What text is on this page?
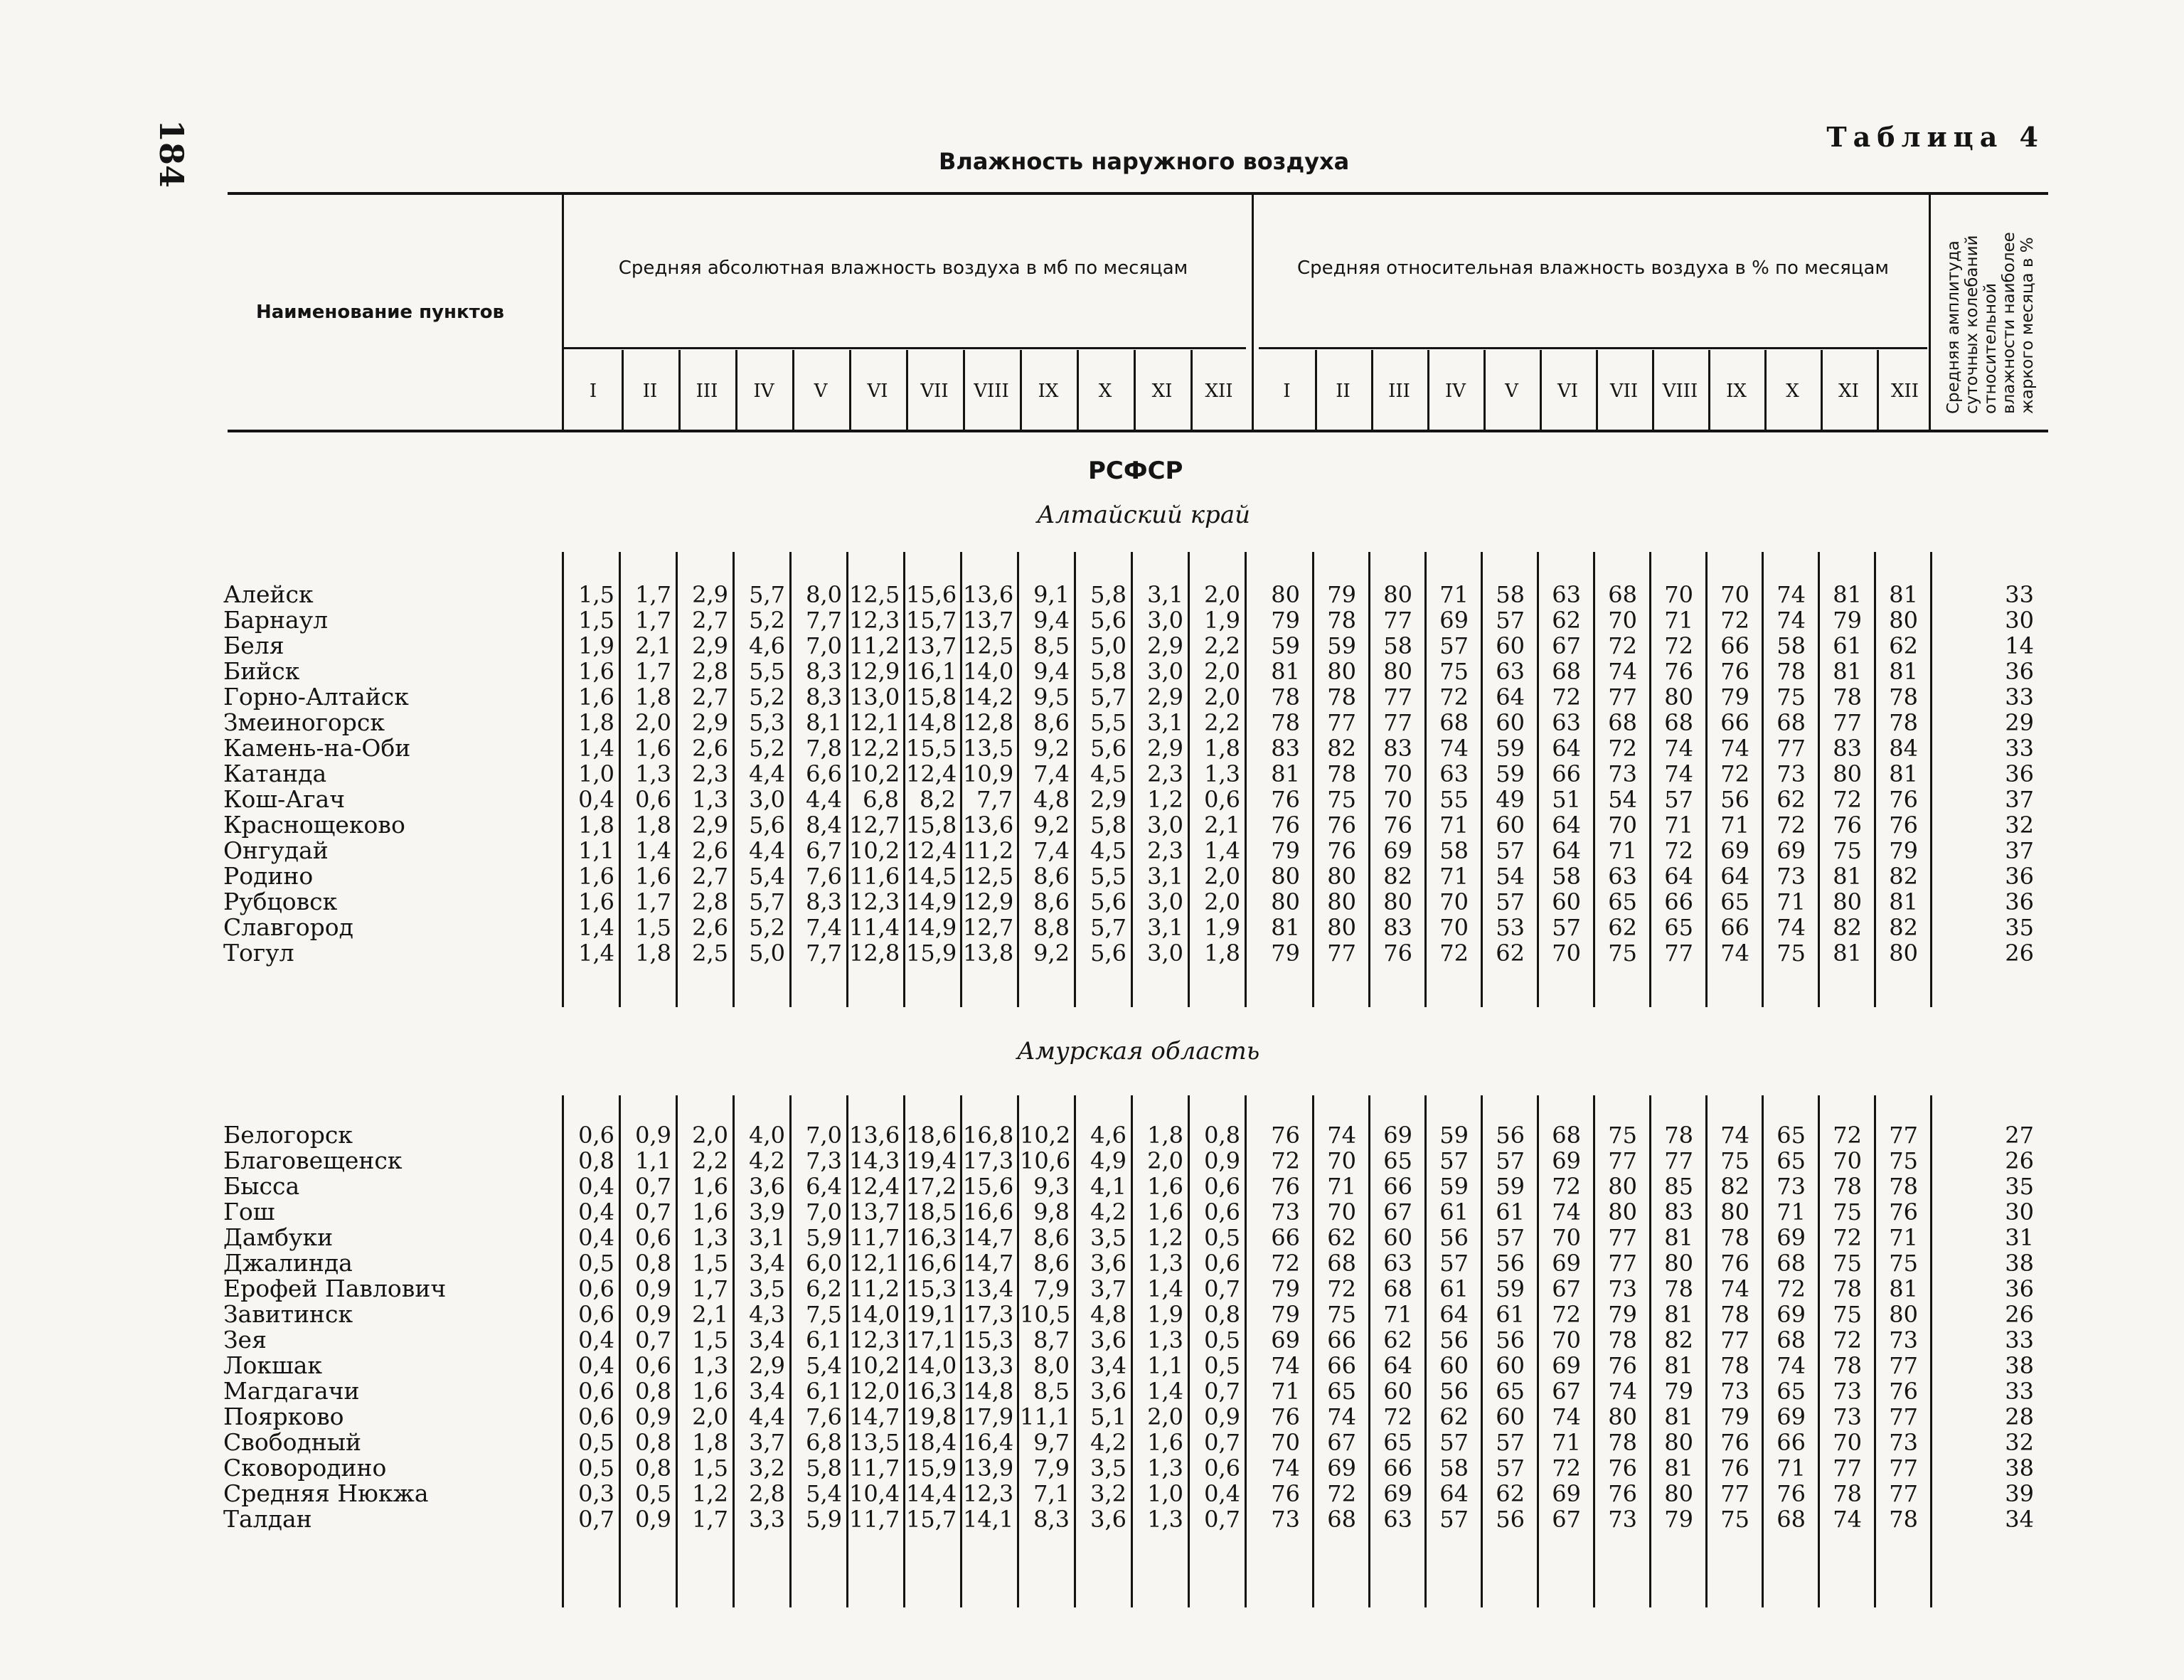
184	Таблица 4
Влажность наружного воздуха
Наименование пунктов
Средняя абсолютная влажность воздуха в мб по месяцам	Средняя относительная влажность воздуха в % по месяцам	Средняя амплитуда суточных колебаний относительной влажности наиболее жаркого месяца в %
I	II	III	IV	V	VI	VII	VIII	IX	X	XI	XII	I	II	III	IV	V	VI	VII	VIII	IX	X	XI	XII
РСФСР
Алтайский край
Амурская область
Алейск	1,5 1,7 2,9 5,7 8,0 12,5 15,6 13,6 9,1 5,8 3,1 2,0	80	79	80	71	58	63	68	70	70	74	81	81	33
Барнаул	1,5 1,7 2,7 5,2 7,7 12,3 15,7 13,7 9,4 5,6 3,0 1,9	79	78	77	69	57	62	70	71	72	74	79	80	30
Беля	1,9 2,1 2,9 4,6 7,0 11,2 13,7 12,5 8,5 5,0 2,9 2,2	59	59	58	57	60	67	72	72	66	58	61	62	14
Бийск	1,6 1,7 2,8 5,5 8,3 12,9 16,1 14,0 9,4 5,8 3,0 2,0	81	80	80	75	63	68	74	76	76	78	81	81	36
Горно-Алтайск	1,6 1,8 2,7 5,2 8,3 13,0 15,8 14,2 9,5 5,7 2,9 2,0	78	78	77	72	64	72	77	80	79	75	78	78	33
Змеиногорск	1,8 2,0 2,9 5,3 8,1 12,1 14,8 12,8 8,6 5,5 3,1 2,2	78	77	77	68	60	63	68	68	66	68	77	78	29
Камень-на-Оби	1,4 1,6 2,6 5,2 7,8 12,2 15,5 13,5 9,2 5,6 2,9 1,8	83	82	83	74	59	64	72	74	74	77	83	84	33
Катанда	1,0 1,3 2,3 4,4 6,6 10,2 12,4 10,9 7,4 4,5 2,3 1,3	81	78	70	63	59	66	73	74	72	73	80	81	36
Кош-Агач	0,4 0,6 1,3 3,0 4,4 6,8 8,2 7,7 4,8 2,9 1,2 0,6	76	75	70	55	49	51	54	57	56	62	72	76	37
Краснощеково	1,8 1,8 2,9 5,6 8,4 12,7 15,8 13,6 9,2 5,8 3,0 2,1	76	76	76	71	60	64	70	71	71	72	76	76	32
Онгудай	1,1 1,4 2,6 4,4 6,7 10,2 12,4 11,2 7,4 4,5 2,3 1,4	79	76	69	58	57	64	71	72	69	69	75	79	37
Родино	1,6 1,6 2,7 5,4 7,6 11,6 14,5 12,5 8,6 5,5 3,1 2,0	80	80	82	71	54	58	63	64	64	73	81	82	36
Рубцовск	1,6 1,7 2,8 5,7 8,3 12,3 14,9 12,9 8,6 5,6 3,0 2,0	80	80	80	70	57	60	65	66	65	71	80	81	36
Славгород	1,4 1,5 2,6 5,2 7,4 11,4 14,9 12,7 8,8 5,7 3,1 1,9	81	80	83	70	53	57	62	65	66	74	82	82	35
Тогул	1,4 1,8 2,5 5,0 7,7 12,8 15,9 13,8 9,2 5,6 3,0 1,8	79	77	76	72	62	70	75	77	74	75	81	80	26
Белогорск	0,6 0,9 2,0 4,0 7,0 13,6 18,6 16,8 10,2 4,6 1,8 0,8	76	74	69	59	56	68	75	78	74	65	72	77	27
Благовещенск	0,8 1,1 2,2 4,2 7,3 14,3 19,4 17,3 10,6 4,9 2,0 0,9	72	70	65	57	57	69	77	77	75	65	70	75	26
Бысса	0,4 0,7 1,6 3,6 6,4 12,4 17,2 15,6 9,3 4,1 1,6 0,6	76	71	66	59	59	72	80	85	82	73	78	78	35
Гош	0,4 0,7 1,6 3,9 7,0 13,7 18,5 16,6 9,8 4,2 1,6 0,6	73	70	67	61	61	74	80	83	80	71	75	76	30
Дамбуки	0,4 0,6 1,3 3,1 5,9 11,7 16,3 14,7 8,6 3,5 1,2 0,5	66	62	60	56	57	70	77	81	78	69	72	71	31
Джалинда	0,5 0,8 1,5 3,4 6,0 12,1 16,6 14,7 8,6 3,6 1,3 0,6	72	68	63	57	56	69	77	80	76	68	75	75	38
Ерофей Павлович	0,6 0,9 1,7 3,5 6,2 11,2 15,3 13,4 7,9 3,7 1,4 0,7	79	72	68	61	59	67	73	78	74	72	78	81	36
Завитинск	0,6 0,9 2,1 4,3 7,5 14,0 19,1 17,3 10,5 4,8 1,9 0,8	79	75	71	64	61	72	79	81	78	69	75	80	26
Зея	0,4 0,7 1,5 3,4 6,1 12,3 17,1 15,3 8,7 3,6 1,3 0,5	69	66	62	56	56	70	78	82	77	68	72	73	33
Локшак	0,4 0,6 1,3 2,9 5,4 10,2 14,0 13,3 8,0 3,4 1,1 0,5	74	66	64	60	60	69	76	81	78	74	78	77	38
Магдагачи	0,6 0,8 1,6 3,4 6,1 12,0 16,3 14,8 8,5 3,6 1,4 0,7	71	65	60	56	65	67	74	79	73	65	73	76	33
Поярково	0,6 0,9 2,0 4,4 7,6 14,7 19,8 17,9 11,1 5,1 2,0 0,9	76	74	72	62	60	74	80	81	79	69	73	77	28
Свободный	0,5 0,8 1,8 3,7 6,8 13,5 18,4 16,4 9,7 4,2 1,6 0,7	70	67	65	57	57	71	78	80	76	66	70	73	32
Сковородино	0,5 0,8 1,5 3,2 5,8 11,7 15,9 13,9 7,9 3,5 1,3 0,6	74	69	66	58	57	72	76	81	76	71	77	77	38
Средняя Нюкжа	0,3 0,5 1,2 2,8 5,4 10,4 14,4 12,3 7,1 3,2 1,0 0,4	76	72	69	64	62	69	76	80	77	76	78	77	39
Талдан	0,7 0,9 1,7 3,3 5,9 11,7 15,7 14,1 8,3 3,6 1,3 0,7	73	68	63	57	56	67	73	79	75	68	74	78	34
